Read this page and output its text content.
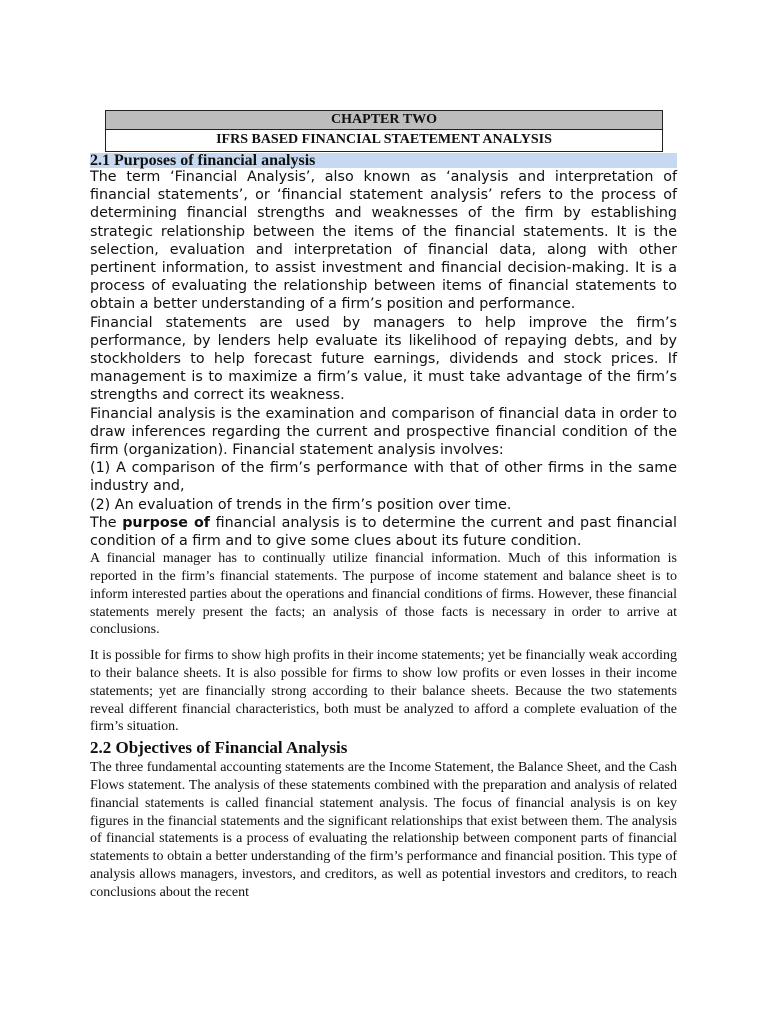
CHAPTER TWO
IFRS BASED FINANCIAL STAETEMENT ANALYSIS
2.1 Purposes of financial analysis

The term ‘Financial Analysis’, also known as ‘analysis and interpretation of financial statements’, or ‘financial statement analysis’ refers to the process of determining financial strengths and weaknesses of the firm by establishing strategic relationship between the items of the financial statements. It is the selection, evaluation and interpretation of financial data, along with other pertinent information, to assist investment and financial decision-making. It is a process of evaluating the relationship between items of financial statements to obtain a better understanding of a firm’s position and performance.

Financial statements are used by managers to help improve the firm’s performance, by lenders help evaluate its likelihood of repaying debts, and by stockholders to help forecast future earnings, dividends and stock prices. If management is to maximize a firm’s value, it must take advantage of the firm’s strengths and correct its weakness.

Financial analysis is the examination and comparison of financial data in order to draw inferences regarding the current and prospective financial condition of the firm (organization). Financial statement analysis involves:

(1) A comparison of the firm’s performance with that of other firms in the same industry and,

(2) An evaluation of trends in the firm’s position over time.

The purpose of financial analysis is to determine the current and past financial condition of a firm and to give some clues about its future condition.

A financial manager has to continually utilize financial information. Much of this information is reported in the firm’s financial statements. The purpose of income statement and balance sheet is to inform interested parties about the operations and financial conditions of firms. However, these financial statements merely present the facts; an analysis of those facts is necessary in order to arrive at conclusions.

It is possible for firms to show high profits in their income statements; yet be financially weak according to their balance sheets. It is also possible for firms to show low profits or even losses in their income statements; yet are financially strong according to their balance sheets. Because the two statements reveal different financial characteristics, both must be analyzed to afford a complete evaluation of the firm’s situation.

2.2 Objectives of Financial Analysis

The three fundamental accounting statements are the Income Statement, the Balance Sheet, and the Cash Flows statement. The analysis of these statements combined with the preparation and analysis of related financial statements is called financial statement analysis. The focus of financial analysis is on key figures in the financial statements and the significant relationships that exist between them. The analysis of financial statements is a process of evaluating the relationship between component parts of financial statements to obtain a better understanding of the firm’s performance and financial position. This type of analysis allows managers, investors, and creditors, as well as potential investors and creditors, to reach conclusions about the recent
